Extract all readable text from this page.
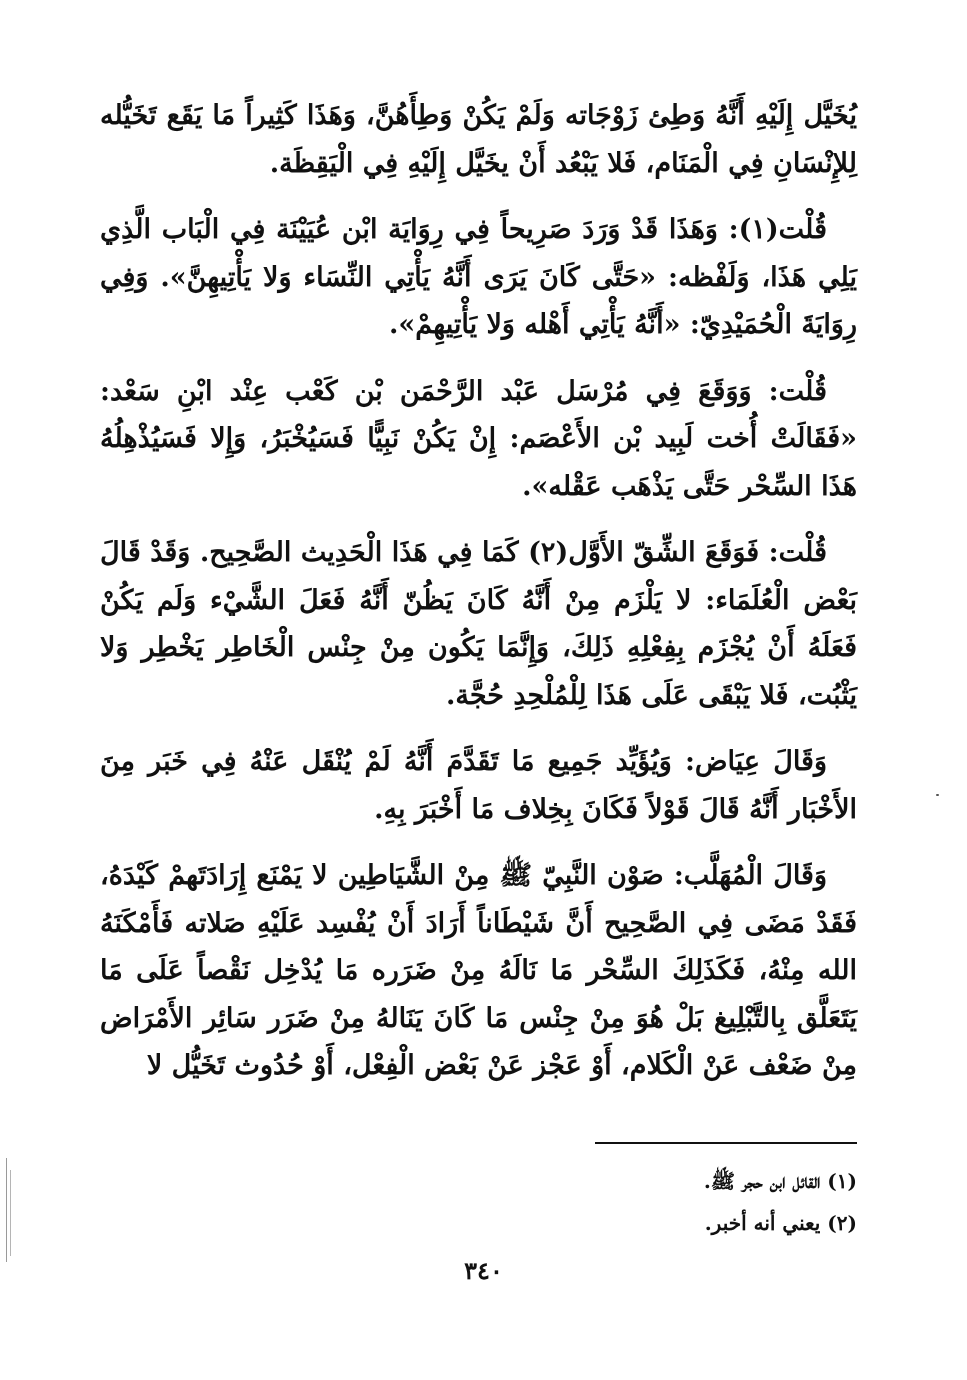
يُخَيَّل إِلَيْهِ أَنَّهُ وَطِئ زَوْجَاته وَلَمْ يَكُنْ وَطِأَهُنَّ، وَهَذَا كَثِيراً مَا يَقَع تَخَيُّله لِلإِنْسَانِ فِي الْمَنَام، فَلا يَبْعُد أَنْ يخَيَّل إِلَيْهِ فِي الْيَقِظَة.

قُلْت(١): وَهَذَا قَدْ وَرَدَ صَرِيحاً فِي رِوَايَة ابْن عُيَيْنَة فِي الْبَاب الَّذِي يَلِي هَذَا، وَلَفْظه: «حَتَّى كَانَ يَرَى أَنَّهُ يَأْتِي النِّسَاء وَلا يَأْتِيهِنَّ». وَفِي رِوَايَةَ الْحُمَيْدِيّ: «أَنَّهُ يَأْتِي أَهْله وَلا يَأْتِيهِمْ».

قُلْت: وَوَقَعَ فِي مُرْسَل عَبْد الرَّحْمَن بْن كَعْب عِنْد ابْنِ سَعْد: «فَقَالَتْ أُخت لَبِيد بْن الأَعْصَم: إِنْ يَكُنْ نَبِيًّا فَسَيُخْبَرُ، وَإِلا فَسَيُذْهِلُهُ هَذَا السِّحْر حَتَّى يَذْهَب عَقْله».

قُلْت: فَوَقَعَ الشِّقّ الأَوَّل(٢) كَمَا فِي هَذَا الْحَدِيث الصَّحِيح. وَقَدْ قَالَ بَعْض الْعُلَمَاء: لا يَلْزَم مِنْ أَنَّهُ كَانَ يَظُنّ أَنَّهُ فَعَلَ الشَّيْء وَلَم يَكُنْ فَعَلَهُ أَنْ يُجْزَم بِفِعْلِهِ ذَلِكَ، وَإِنَّمَا يَكُون مِنْ جِنْس الْخَاطِر يَخْطِر وَلا يَثْبُت، فَلا يَبْقَى عَلَى هَذَا لِلْمُلْحِدِ حُجَّة.

وَقَالَ عِيَاض: وَيُؤَيِّد جَمِيع مَا تَقَدَّمَ أَنَّهُ لَمْ يُنْقَل عَنْهُ فِي خَبَر مِنَ الأَخْبَار أَنَّهُ قَالَ قَوْلاً فَكَانَ بِخِلاف مَا أَخْبَرَ بِهِ.

وَقَالَ الْمُهَلَّب: صَوْن النَّبِيّ ﷺ مِنْ الشَّيَاطِين لا يَمْنَع إِرَادَتَهمْ كَيْدَهُ، فَقَدْ مَضَى فِي الصَّحِيح أَنَّ شَيْطَاناً أَرَادَ أَنْ يُفْسِد عَلَيْهِ صَلاته فَأَمْكَنَهُ الله مِنْهُ، فَكَذَلِكَ السِّحْر مَا نَالَهُ مِنْ ضَرَره مَا يُدْخِل نَقْصاً عَلَى مَا يَتَعَلَّق بِالتَّبْلِيغ بَلْ هُوَ مِنْ جِنْس مَا كَانَ يَنَالهُ مِنْ ضَرَر سَائِر الأَمْرَاض مِنْ ضَعْف عَنْ الْكَلام، أَوْ عَجْز عَنْ بَعْض الْفِعْل، أَوْ حُدُوث تَخَيُّل لا

(١) القائل ابن حجر ﷺ.

(٢) يعني أنه أخبر.

٣٤٠
